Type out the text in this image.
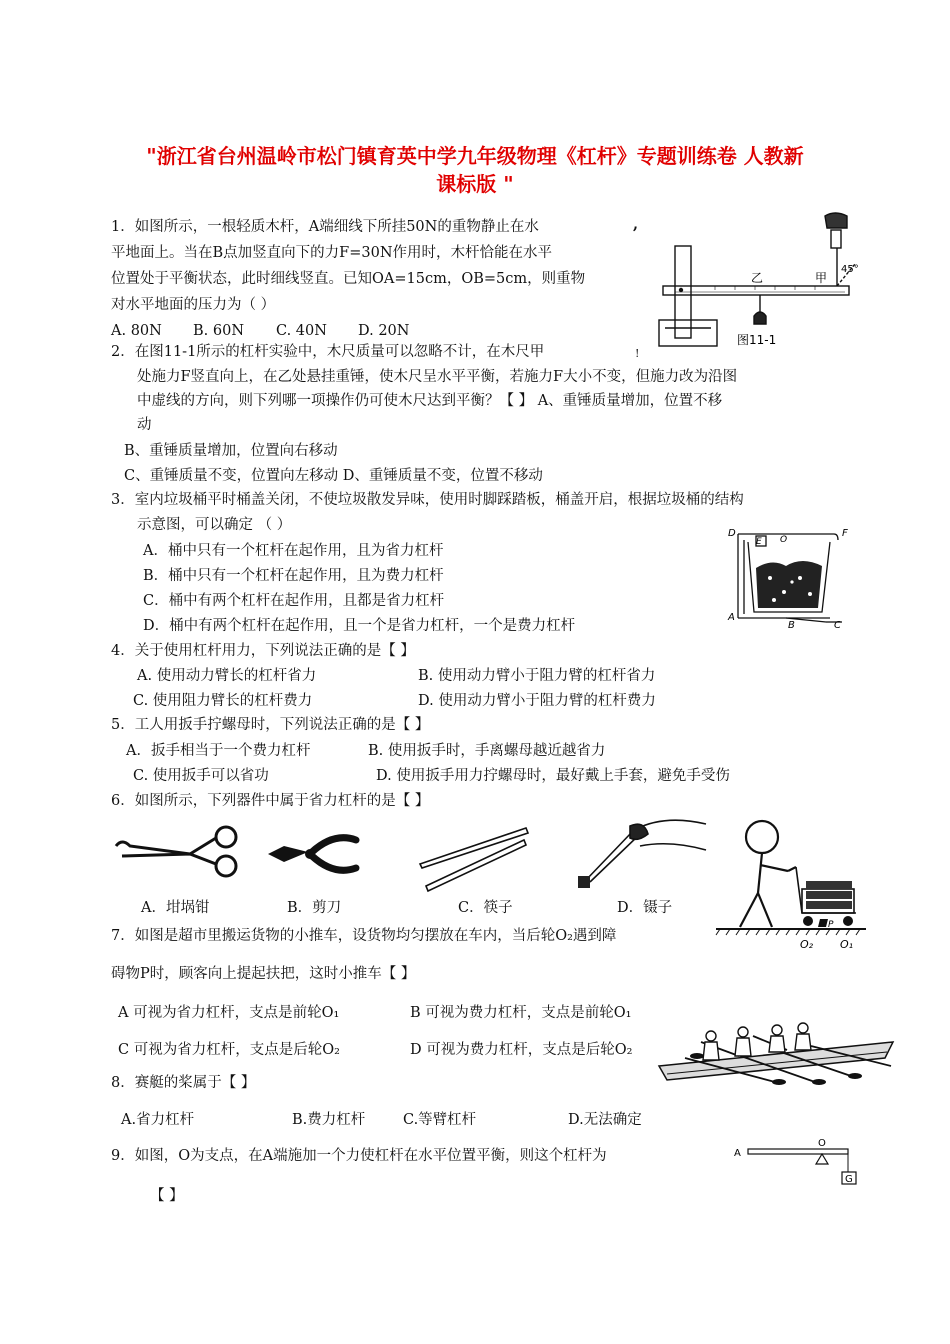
"浙江省台州温岭市松门镇育英中学九年级物理《杠杆》专题训练卷 人教新
课标版 "
1．如图所示，一根轻质木杆，A端细线下所挂50N的重物静止在水	,
平地面上。当在B点加竖直向下的力F=30N作用时，木杆恰能在水平
位置处于平衡状态，此时细线竖直。已知OA=15cm，OB=5cm，则重物
对水平地面的压力为（ ）
A. 80N B. 60N C. 40N D. 20N
乙	甲
45°
图11-1
2．在图11-1所示的杠杆实验中，木尺质量可以忽略不计，在木尺甲	!
处施力F竖直向上，在乙处悬挂重锤，使木尺呈水平平衡，若施力F大小不变，但施力改为沿图
中虚线的方向，则下列哪一项操作仍可使木尺达到平衡？【 】 A、重锤质量增加，位置不移
动
B、重锤质量增加，位置向右移动
C、重锤质量不变，位置向左移动 D、重锤质量不变，位置不移动
3．室内垃圾桶平时桶盖关闭，不使垃圾散发异味，使用时脚踩踏板，桶盖开启，根据垃圾桶的结构
示意图，可以确定 （ ）
A．桶中只有一个杠杆在起作用，且为省力杠杆
B．桶中只有一个杠杆在起作用，且为费力杠杆
C．桶中有两个杠杆在起作用，且都是省力杠杆
D．桶中有两个杠杆在起作用，且一个是省力杠杆，一个是费力杠杆
D
E O
F
A
B	C
4．关于使用杠杆用力，下列说法正确的是【 】
A. 使用动力臂长的杠杆省力	B. 使用动力臂小于阻力臂的杠杆省力
C. 使用阻力臂长的杠杆费力	D. 使用动力臂小于阻力臂的杠杆费力
5．工人用扳手拧螺母时，下列说法正确的是【 】
A．扳手相当于一个费力杠杆	B. 使用扳手时，手离螺母越近越省力
C. 使用扳手可以省功	D. 使用扳手用力拧螺母时，最好戴上手套，避免手受伤
6．如图所示，下列器件中属于省力杠杆的是【 】
A．坩埚钳	B．剪刀	C．筷子	D．镊子
P
O₂ O₁
7．如图是超市里搬运货物的小推车，设货物均匀摆放在车内，当后轮O₂遇到障
碍物P时，顾客向上提起扶把，这时小推车【 】
A 可视为省力杠杆，支点是前轮O₁	B 可视为费力杠杆，支点是前轮O₁
C 可视为省力杠杆，支点是后轮O₂	D 可视为费力杠杆，支点是后轮O₂
8．赛艇的桨属于【 】
A.省力杠杆	B.费力杠杆	C.等臂杠杆	D.无法确定
9．如图，O为支点，在A端施加一个力使杠杆在水平位置平衡，则这个杠杆为
【 】
O
A
G
